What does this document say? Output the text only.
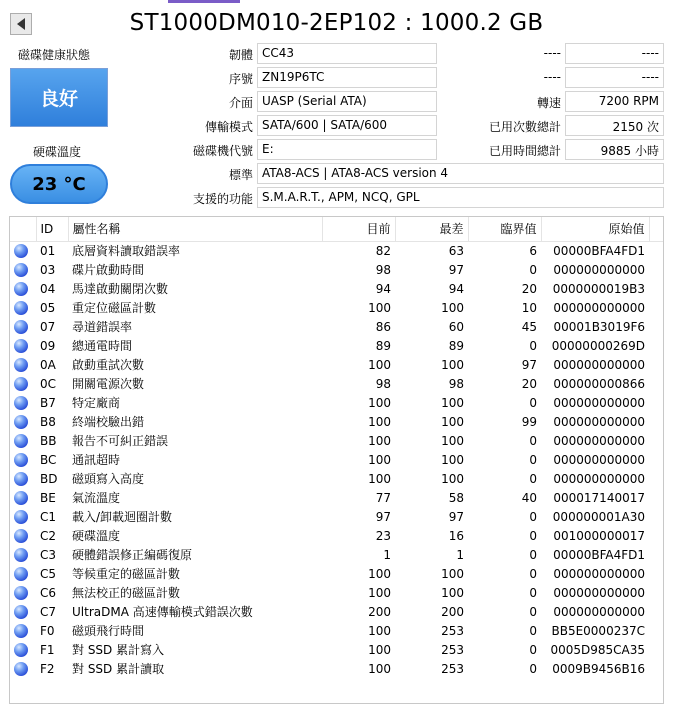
ST1000DM010-2EP102 : 1000.2 GB
磁碟健康狀態
良好
硬碟溫度
23 °C
韌體 CC43
序號 ZN19P6TC
介面 UASP (Serial ATA)
傳輸模式 SATA/600 | SATA/600
磁碟機代號 E:
標準 ATA8-ACS | ATA8-ACS version 4
支援的功能 S.M.A.R.T., APM, NCQ, GPL
----	----
----	----
轉速	7200 RPM
已用次數總計	2150 次
已用時間總計	9885 小時
	ID	屬性名稱	目前	最差	臨界值	原始值	

	01	底層資料讀取錯誤率	82	63	6	00000BFA4FD1	

	03	碟片啟動時間	98	97	0	000000000000	

	04	馬達啟動關閉次數	94	94	20	0000000019B3	

	05	重定位磁區計數	100	100	10	000000000000	

	07	尋道錯誤率	86	60	45	00001B3019F6	

	09	總通電時間	89	89	0	00000000269D	

	0A	啟動重試次數	100	100	97	000000000000	

	0C	開關電源次數	98	98	20	000000000866	

	B7	特定廠商	100	100	0	000000000000	

	B8	終端校驗出錯	100	100	99	000000000000	

	BB	報告不可糾正錯誤	100	100	0	000000000000	

	BC	通訊超時	100	100	0	000000000000	

	BD	磁頭寫入高度	100	100	0	000000000000	

	BE	氣流溫度	77	58	40	000017140017	

	C1	載入/卸載迴圈計數	97	97	0	000000001A30	

	C2	硬碟溫度	23	16	0	001000000017	

	C3	硬體錯誤修正編碼復原	1	1	0	00000BFA4FD1	

	C5	等候重定的磁區計數	100	100	0	000000000000	

	C6	無法校正的磁區計數	100	100	0	000000000000	

	C7	UltraDMA 高速傳輸模式錯誤次數	200	200	0	000000000000	

	F0	磁頭飛行時間	100	253	0	BB5E0000237C	

	F1	對 SSD 累計寫入	100	253	0	0005D985CA35	

	F2	對 SSD 累計讀取	100	253	0	0009B9456B16	
